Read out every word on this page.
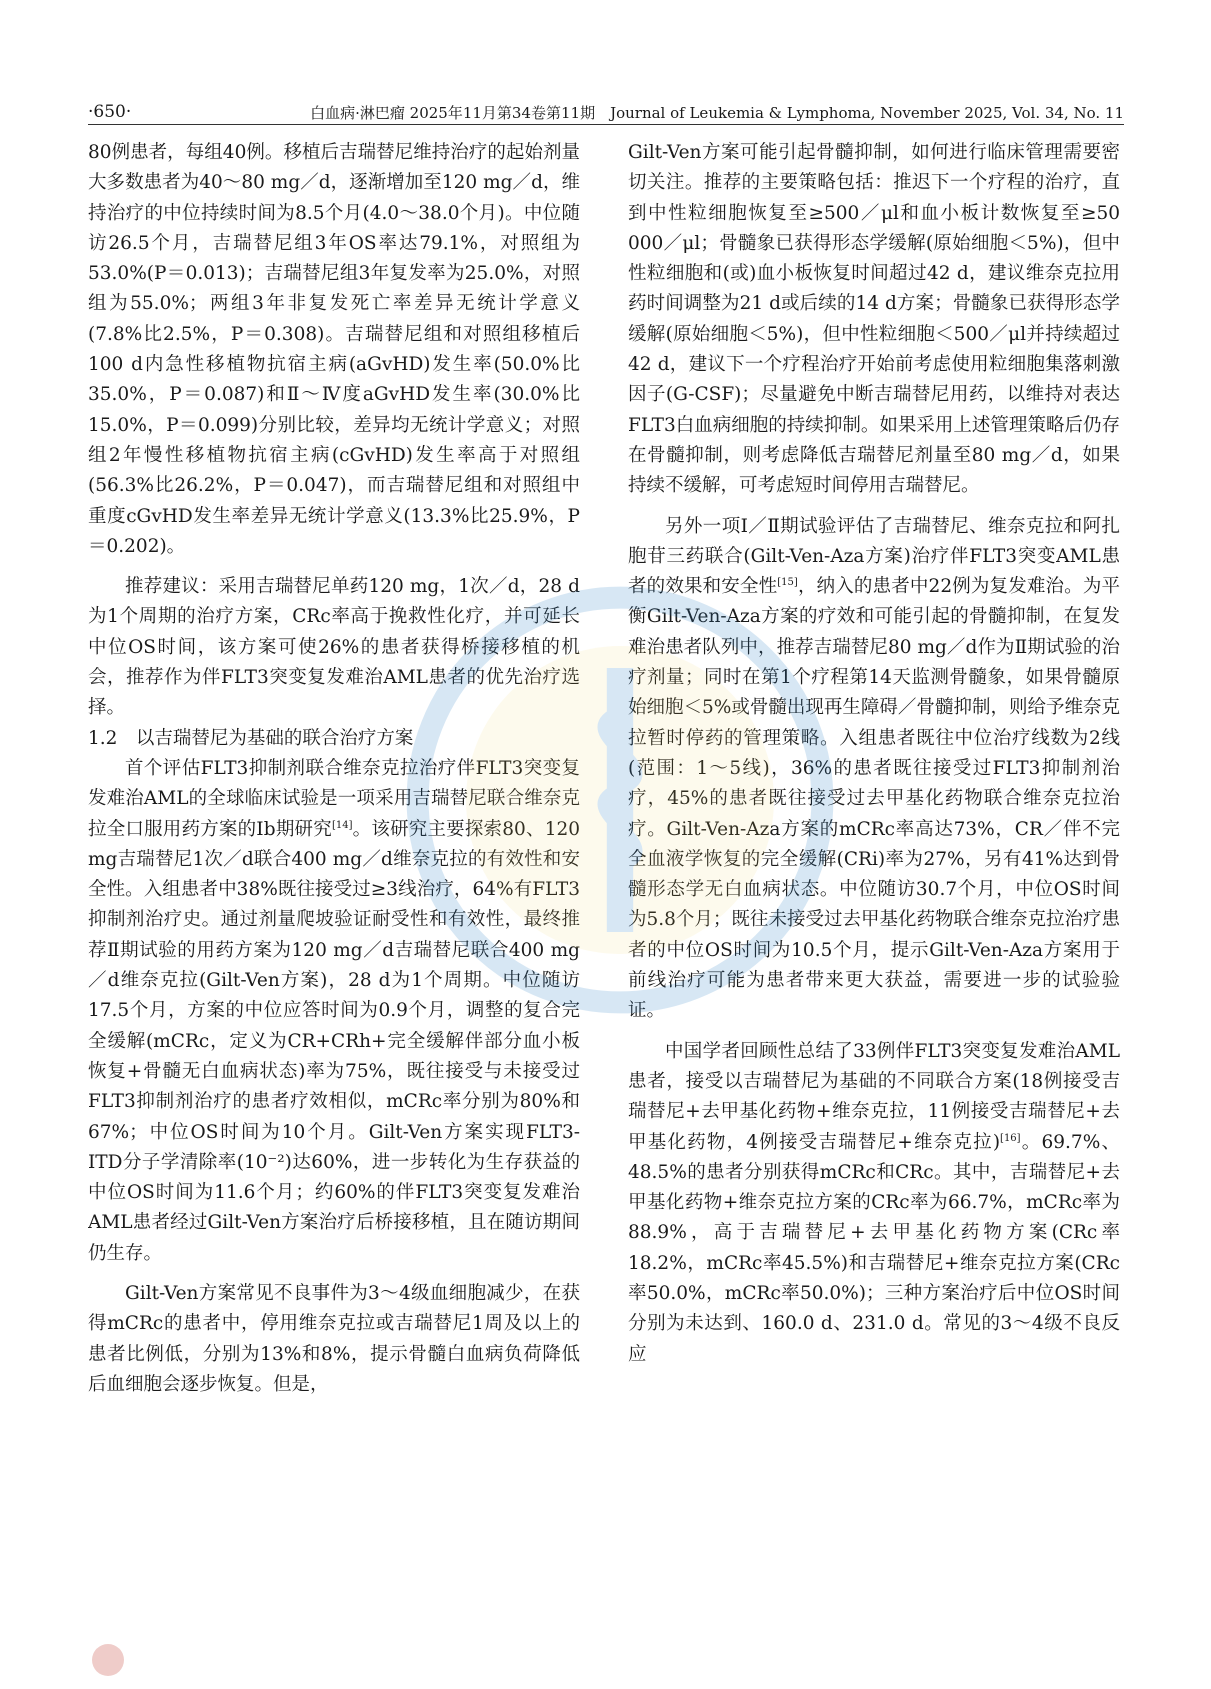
·650·	白血病·淋巴瘤 2025年11月第34卷第11期　Journal of Leukemia & Lymphoma, November 2025, Vol. 34, No. 11

80例患者，每组40例。移植后吉瑞替尼维持治疗的起始剂量大多数患者为40～80 mg／d，逐渐增加至120 mg／d，维持治疗的中位持续时间为8.5个月(4.0～38.0个月)。中位随访26.5个月，吉瑞替尼组3年OS率达79.1%，对照组为53.0%(P＝0.013)；吉瑞替尼组3年复发率为25.0%，对照组为55.0%；两组3年非复发死亡率差异无统计学意义(7.8%比2.5%，P＝0.308)。吉瑞替尼组和对照组移植后100 d内急性移植物抗宿主病(aGvHD)发生率(50.0%比35.0%，P＝0.087)和Ⅱ～Ⅳ度aGvHD发生率(30.0%比15.0%，P＝0.099)分别比较，差异均无统计学意义；对照组2年慢性移植物抗宿主病(cGvHD)发生率高于对照组(56.3%比26.2%，P＝0.047)，而吉瑞替尼组和对照组中重度cGvHD发生率差异无统计学意义(13.3%比25.9%，P＝0.202)。

推荐建议：采用吉瑞替尼单药120 mg，1次／d，28 d为1个周期的治疗方案，CRc率高于挽救性化疗，并可延长中位OS时间，该方案可使26%的患者获得桥接移植的机会，推荐作为伴FLT3突变复发难治AML患者的优先治疗选择。

1.2　以吉瑞替尼为基础的联合治疗方案

首个评估FLT3抑制剂联合维奈克拉治疗伴FLT3突变复发难治AML的全球临床试验是一项采用吉瑞替尼联合维奈克拉全口服用药方案的Ⅰb期研究[14]。该研究主要探索80、120 mg吉瑞替尼1次／d联合400 mg／d维奈克拉的有效性和安全性。入组患者中38%既往接受过≥3线治疗，64%有FLT3抑制剂治疗史。通过剂量爬坡验证耐受性和有效性，最终推荐Ⅱ期试验的用药方案为120 mg／d吉瑞替尼联合400 mg／d维奈克拉(Gilt-Ven方案)，28 d为1个周期。中位随访17.5个月，方案的中位应答时间为0.9个月，调整的复合完全缓解(mCRc，定义为CR+CRh+完全缓解伴部分血小板恢复+骨髓无白血病状态)率为75%，既往接受与未接受过FLT3抑制剂治疗的患者疗效相似，mCRc率分别为80%和67%；中位OS时间为10个月。Gilt-Ven方案实现FLT3-ITD分子学清除率(10⁻²)达60%，进一步转化为生存获益的中位OS时间为11.6个月；约60%的伴FLT3突变复发难治AML患者经过Gilt-Ven方案治疗后桥接移植，且在随访期间仍生存。

Gilt-Ven方案常见不良事件为3～4级血细胞减少，在获得mCRc的患者中，停用维奈克拉或吉瑞替尼1周及以上的患者比例低，分别为13%和8%，提示骨髓白血病负荷降低后血细胞会逐步恢复。但是，

Gilt-Ven方案可能引起骨髓抑制，如何进行临床管理需要密切关注。推荐的主要策略包括：推迟下一个疗程的治疗，直到中性粒细胞恢复至≥500／μl和血小板计数恢复至≥50 000／μl；骨髓象已获得形态学缓解(原始细胞＜5%)，但中性粒细胞和(或)血小板恢复时间超过42 d，建议维奈克拉用药时间调整为21 d或后续的14 d方案；骨髓象已获得形态学缓解(原始细胞＜5%)，但中性粒细胞＜500／μl并持续超过42 d，建议下一个疗程治疗开始前考虑使用粒细胞集落刺激因子(G-CSF)；尽量避免中断吉瑞替尼用药，以维持对表达FLT3白血病细胞的持续抑制。如果采用上述管理策略后仍存在骨髓抑制，则考虑降低吉瑞替尼剂量至80 mg／d，如果持续不缓解，可考虑短时间停用吉瑞替尼。

另外一项Ⅰ／Ⅱ期试验评估了吉瑞替尼、维奈克拉和阿扎胞苷三药联合(Gilt-Ven-Aza方案)治疗伴FLT3突变AML患者的效果和安全性[15]，纳入的患者中22例为复发难治。为平衡Gilt-Ven-Aza方案的疗效和可能引起的骨髓抑制，在复发难治患者队列中，推荐吉瑞替尼80 mg／d作为Ⅱ期试验的治疗剂量；同时在第1个疗程第14天监测骨髓象，如果骨髓原始细胞＜5%或骨髓出现再生障碍／骨髓抑制，则给予维奈克拉暂时停药的管理策略。入组患者既往中位治疗线数为2线(范围：1～5线)，36%的患者既往接受过FLT3抑制剂治疗，45%的患者既往接受过去甲基化药物联合维奈克拉治疗。Gilt-Ven-Aza方案的mCRc率高达73%，CR／伴不完全血液学恢复的完全缓解(CRi)率为27%，另有41%达到骨髓形态学无白血病状态。中位随访30.7个月，中位OS时间为5.8个月；既往未接受过去甲基化药物联合维奈克拉治疗患者的中位OS时间为10.5个月，提示Gilt-Ven-Aza方案用于前线治疗可能为患者带来更大获益，需要进一步的试验验证。

中国学者回顾性总结了33例伴FLT3突变复发难治AML患者，接受以吉瑞替尼为基础的不同联合方案(18例接受吉瑞替尼+去甲基化药物+维奈克拉，11例接受吉瑞替尼+去甲基化药物，4例接受吉瑞替尼+维奈克拉)[16]。69.7%、48.5%的患者分别获得mCRc和CRc。其中，吉瑞替尼+去甲基化药物+维奈克拉方案的CRc率为66.7%，mCRc率为88.9%，高于吉瑞替尼+去甲基化药物方案(CRc率18.2%，mCRc率45.5%)和吉瑞替尼+维奈克拉方案(CRc率50.0%，mCRc率50.0%)；三种方案治疗后中位OS时间分别为未达到、160.0 d、231.0 d。常见的3～4级不良反应
